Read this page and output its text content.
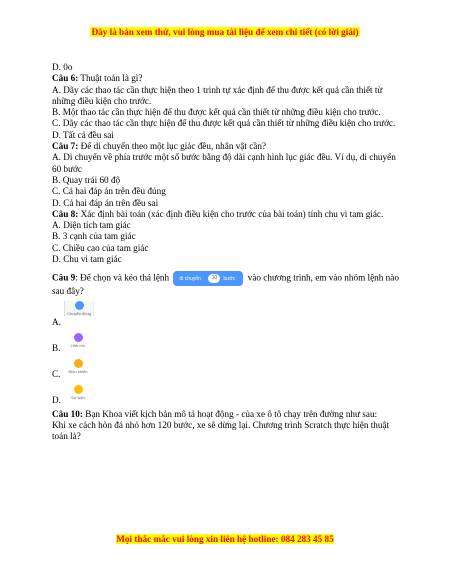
Đây là bản xem thử, vui lòng mua tài liệu để xem chi tiết (có lời giải)

D. 0o

Câu 6: Thuật toán là gì?

A. Dãy các thao tác cần thực hiện theo 1 trình tự xác định để thu được kết quả cần thiết từ những điều kiện cho trước.

B. Một thao tác cần thực hiện để thu được kết quả cần thiết từ những điều kiện cho trước.

C. Dãy các thao tác cần thực hiện để thu được kết quả cần thiết từ những điều kiện cho trước.

D. Tất cả đều sai

Câu 7: Để di chuyển theo một lục giác đều, nhân vật cần?

A. Di chuyển về phía trước một số bước bằng độ dài cạnh hình lục giác đều. Ví dụ, di chuyển 60 bước

B. Quay trái 60 độ

C. Cả hai đáp án trên đều đúng

D. Cả hai đáp án trên đều sai

Câu 8: Xác định bài toán (xác định điều kiện cho trước của bài toán) tính chu vi tam giác.

A. Diện tích tam giác

B. 3 cạnh của tam giác

C. Chiều cao của tam giác

D. Chu vi tam giác

Câu 9: Để chọn và kéo thả lệnh di chuyển	10	bước vào chương trình, em vào nhóm lệnh nào sau đây?

A.
Chuyển động
B.	Hiển thị
C.	Điều khiển
D.	Sự kiện

Câu 10: Bạn Khoa viết kịch bản mô tả hoạt động - của xe ô tô chạy trên đường như sau:

Khi xe cách hòn đá nhỏ hơn 120 bước, xe sẽ dừng lại. Chương trình Scratch thực hiện thuật toán là?

Mọi thắc mắc vui lòng xin liên hệ hotline: 084 283 45 85
